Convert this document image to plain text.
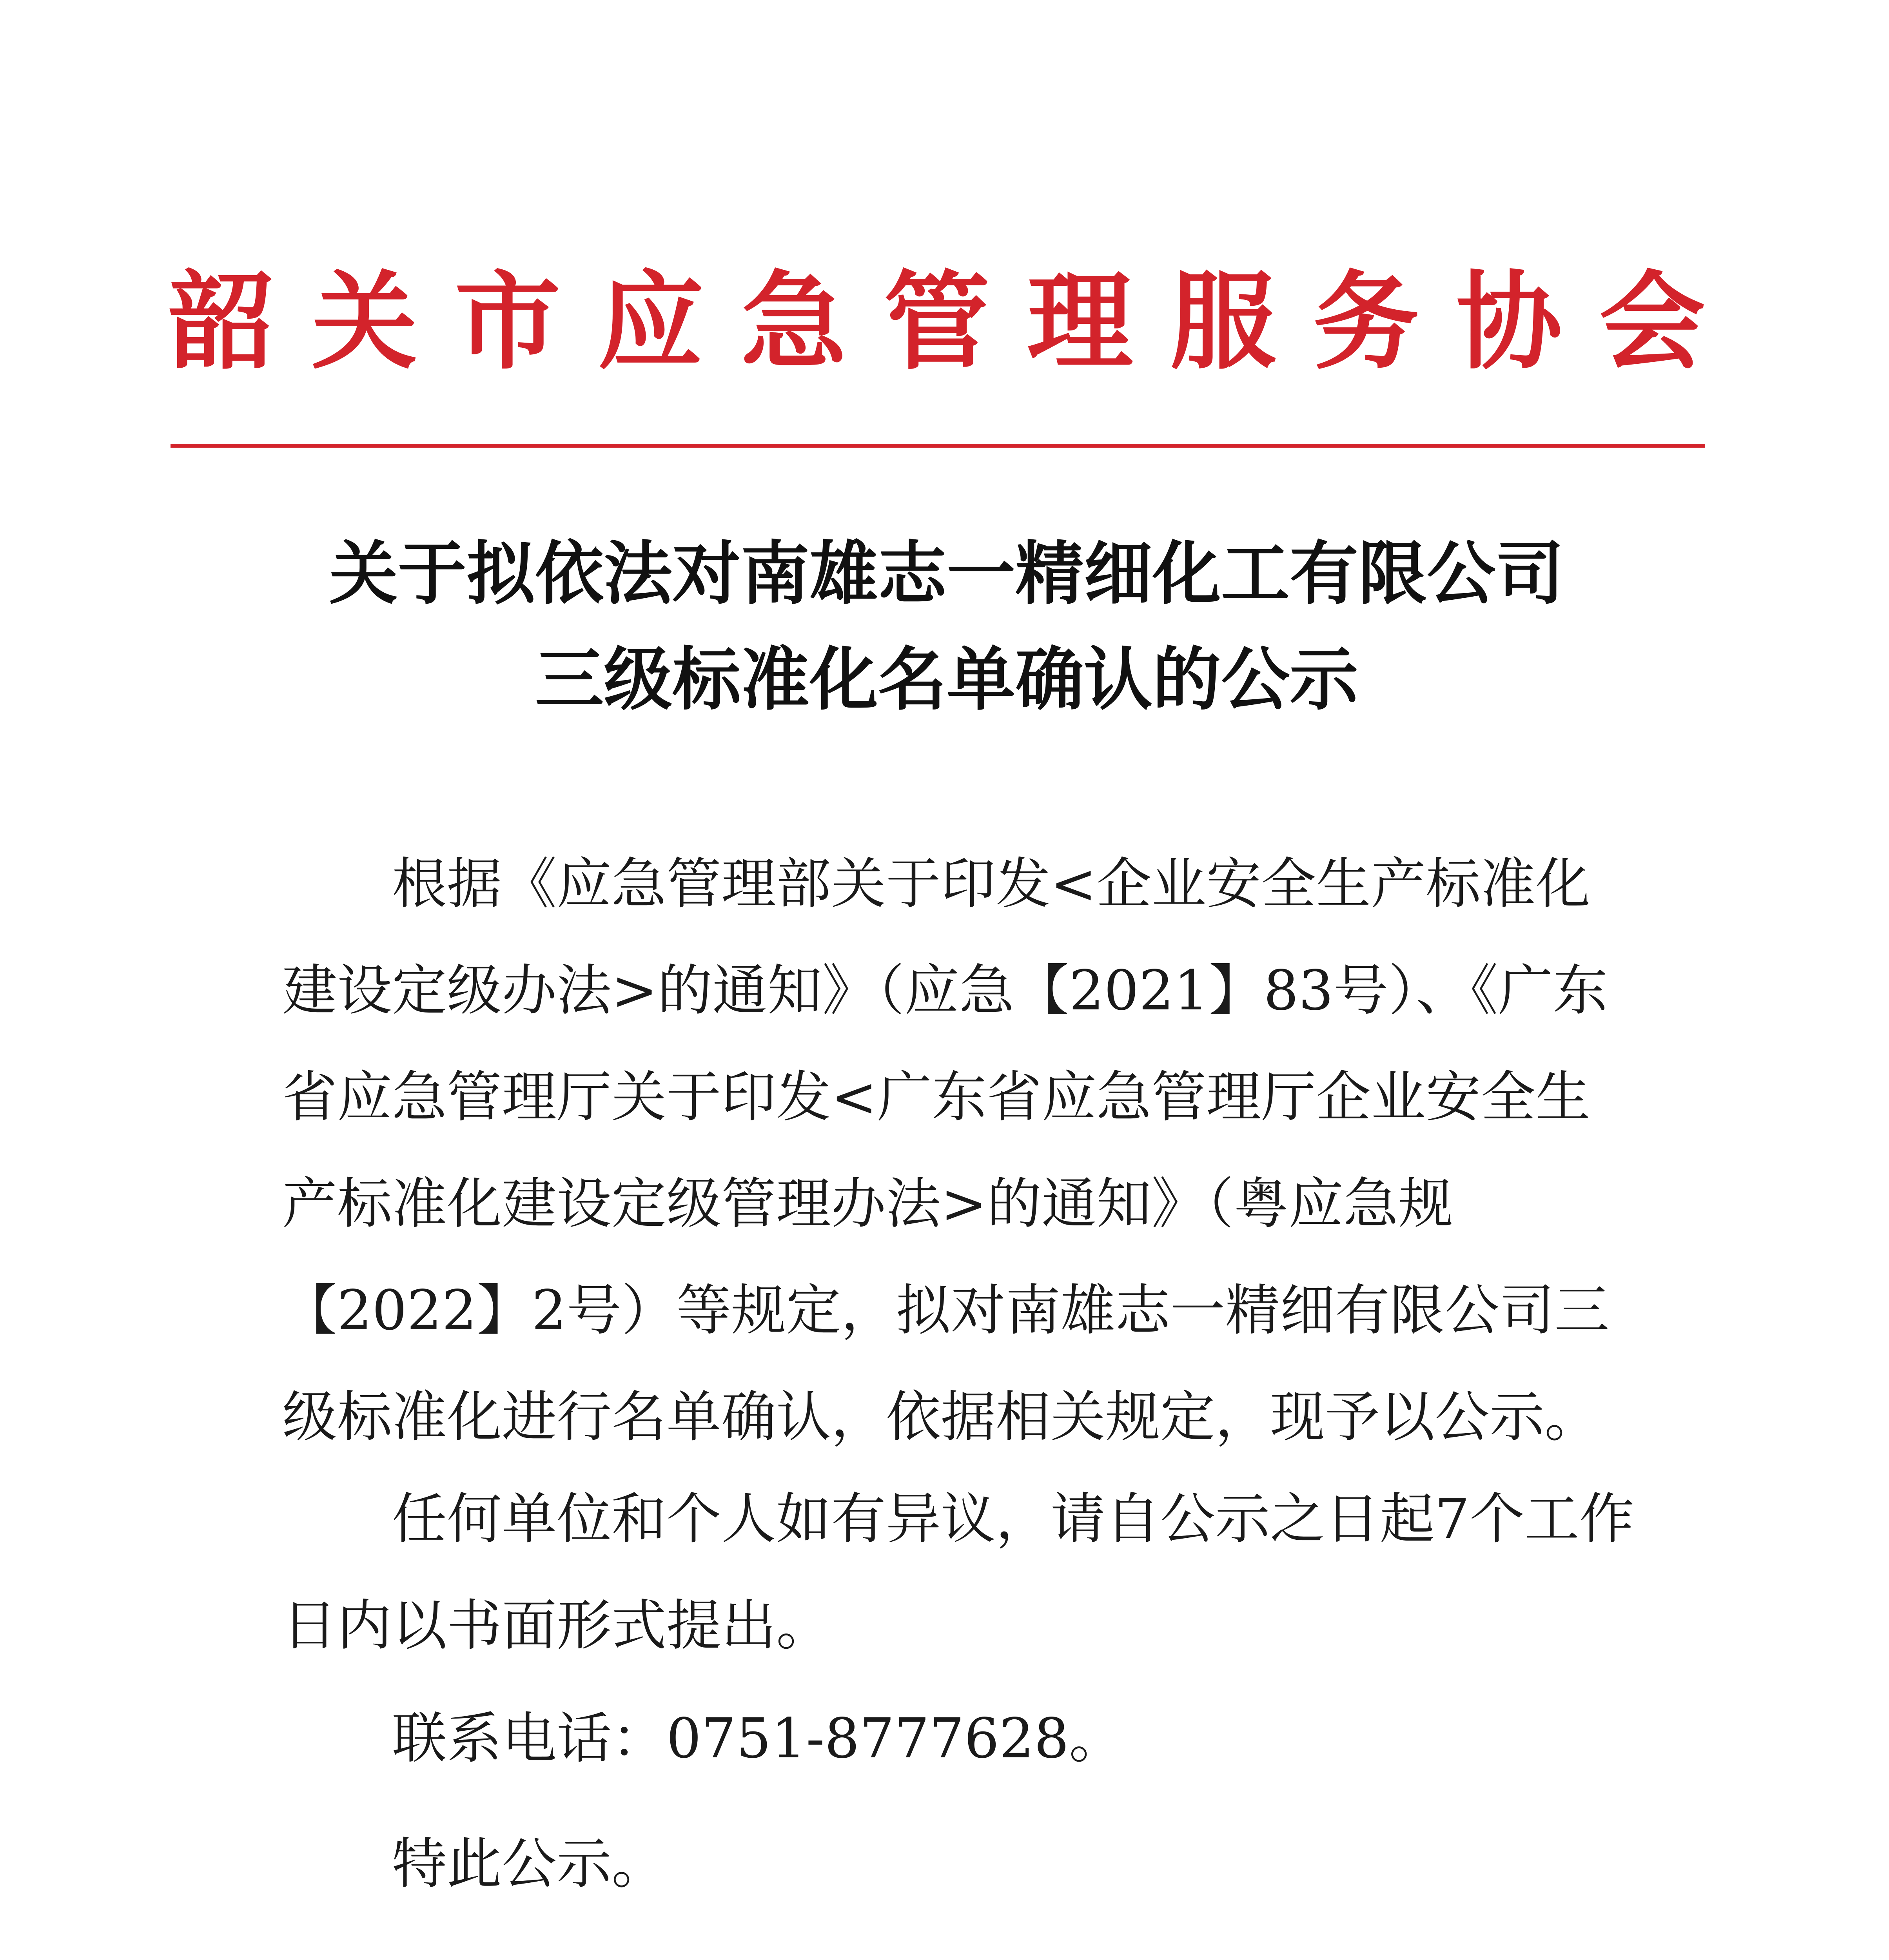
韶关市应急管理服务协会
关于拟依法对南雄志一精细化工有限公司
三级标准化名单确认的公示
根据《应急管理部关于印发<企业安全生产标准化建设定级办法>的通知》（应急【2021】83号）、《广东省应急管理厅关于印发<广东省应急管理厅企业安全生产标准化建设定级管理办法>的通知》（粤应急规【2022】2号）等规定，拟对南雄志一精细有限公司三级标准化进行名单确认，依据相关规定，现予以公示。
任何单位和个人如有异议，请自公示之日起7个工作日内以书面形式提出。
联系电话：0751-8777628。
特此公示。
